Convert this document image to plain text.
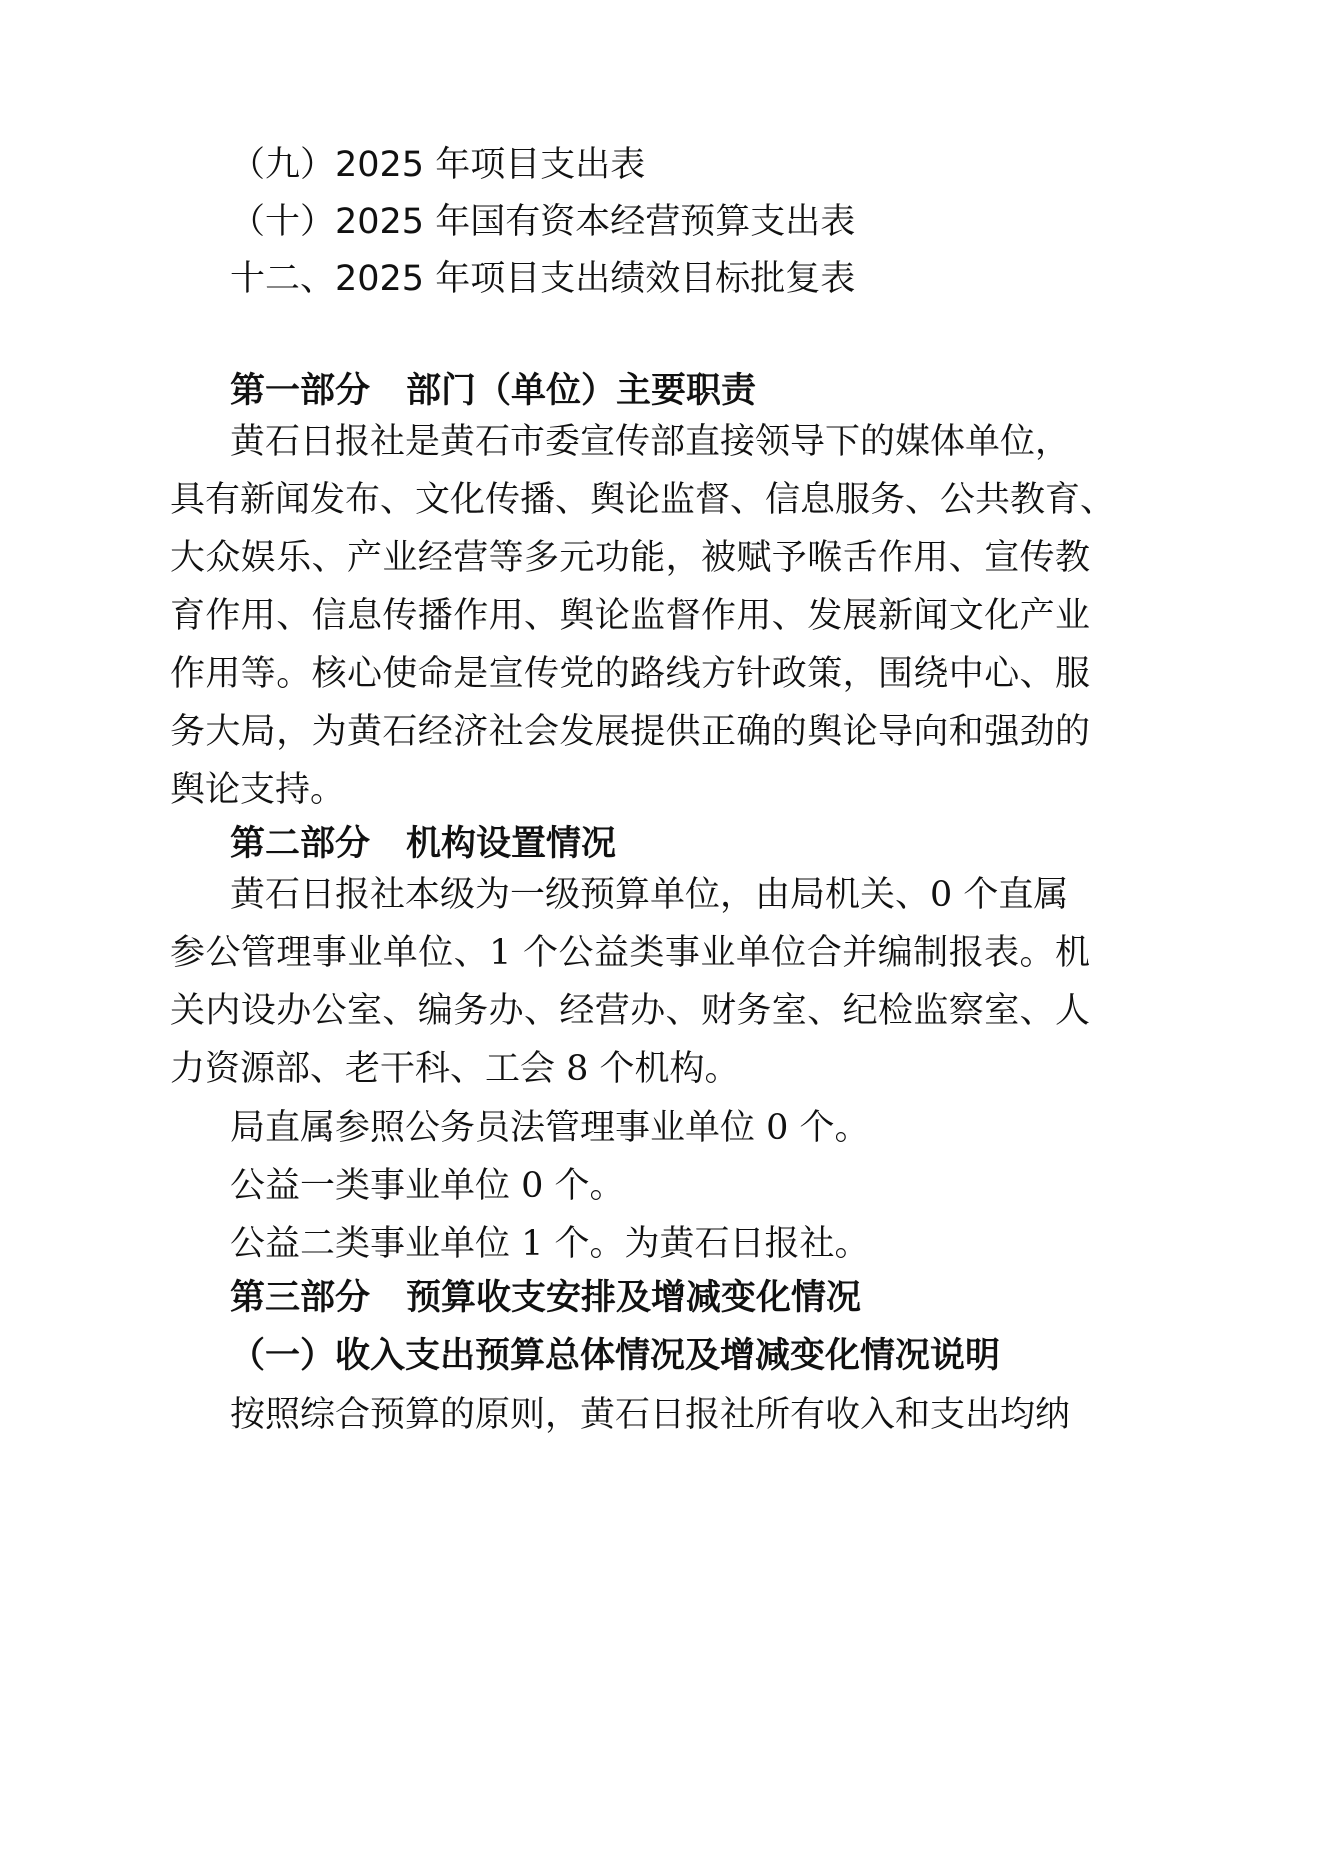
（九）2025 年项目支出表
（十）2025 年国有资本经营预算支出表
十二、2025 年项目支出绩效目标批复表
第一部分 部门（单位）主要职责
黄石日报社是黄石市委宣传部直接领导下的媒体单位，
具有新闻发布、文化传播、舆论监督、信息服务、公共教育、
大众娱乐、产业经营等多元功能，被赋予喉舌作用、宣传教
育作用、信息传播作用、舆论监督作用、发展新闻文化产业
作用等。核心使命是宣传党的路线方针政策，围绕中心、服
务大局，为黄石经济社会发展提供正确的舆论导向和强劲的
舆论支持。
第二部分 机构设置情况
黄石日报社本级为一级预算单位，由局机关、0 个直属
参公管理事业单位、1 个公益类事业单位合并编制报表。机
关内设办公室、编务办、经营办、财务室、纪检监察室、人
力资源部、老干科、工会 8 个机构。
局直属参照公务员法管理事业单位 0 个。
公益一类事业单位 0 个。
公益二类事业单位 1 个。为黄石日报社。
第三部分 预算收支安排及增减变化情况
（一）收入支出预算总体情况及增减变化情况说明
按照综合预算的原则，黄石日报社所有收入和支出均纳
